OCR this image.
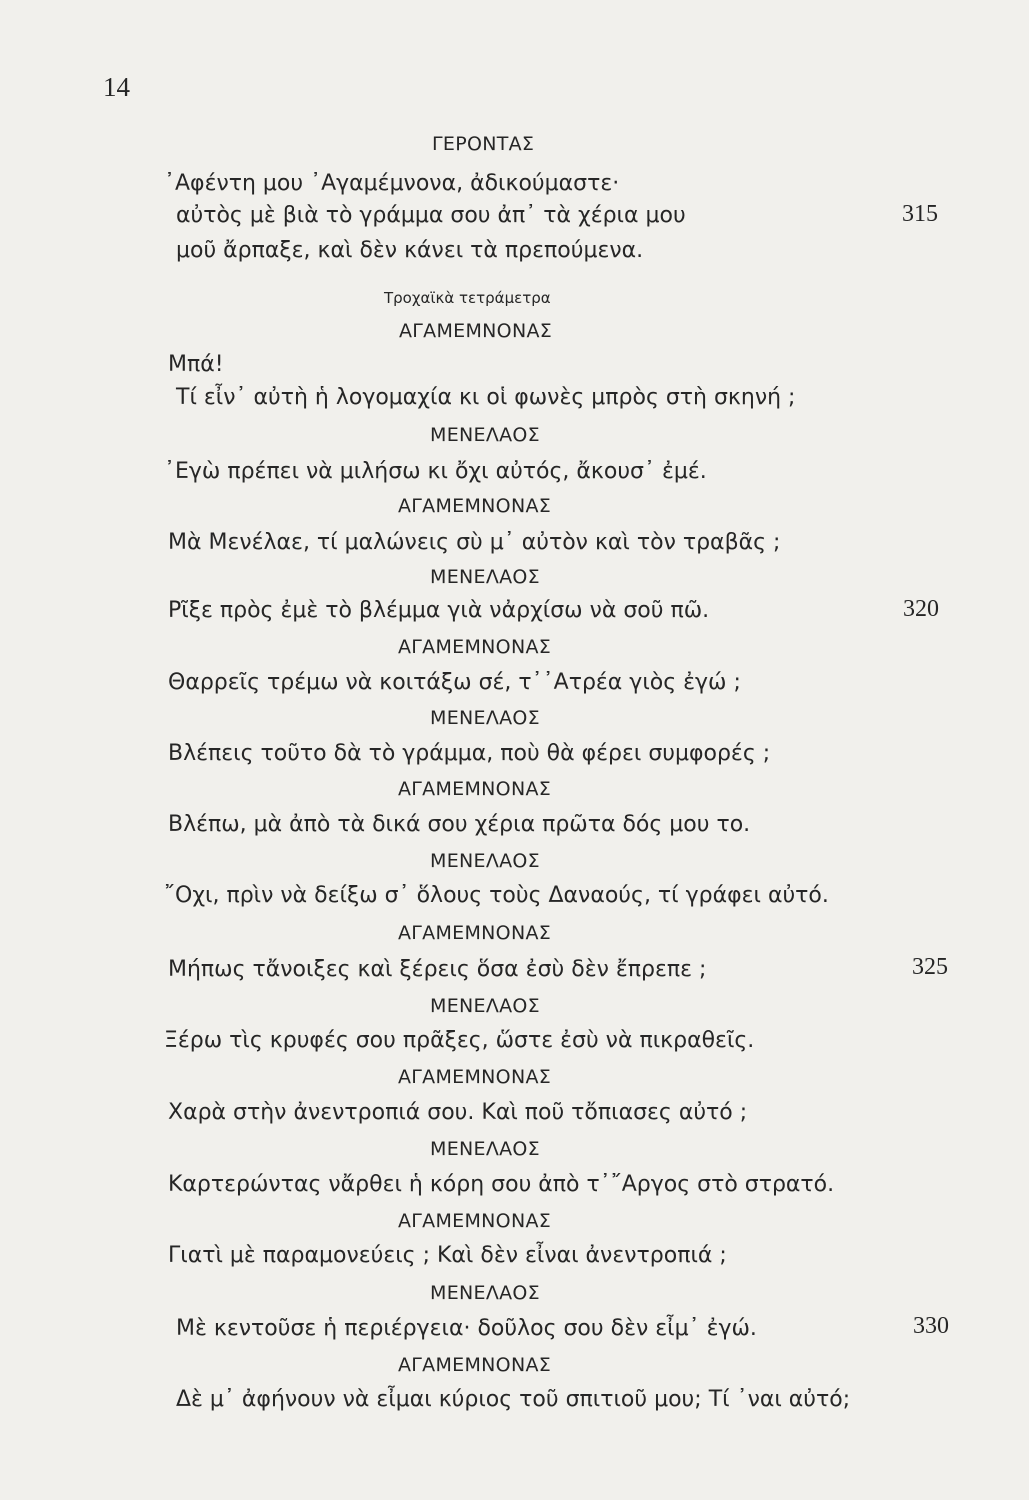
14
ΓΕΡΟΝΤΑΣ
᾿Αφέντη μου ᾿Αγαμέμνονα, ἀδικούμαστε·
αὐτὸς μὲ βιὰ τὸ γράμμα σου ἀπ᾿ τὰ χέρια μου	315
μοῦ ἄρπαξε, καὶ δὲν κάνει τὰ πρεπούμενα.
Τροχαϊκὰ τετράμετρα
ΑΓΑΜΕΜΝΟΝΑΣ
Μπά!
Τί εἶν᾿ αὐτὴ ἡ λογομαχία κι οἱ φωνὲς μπρὸς στὴ σκηνή ;
ΜΕΝΕΛΑΟΣ
᾿Εγὼ πρέπει νὰ μιλήσω κι ὄχι αὐτός, ἄκουσ᾿ ἐμέ.
ΑΓΑΜΕΜΝΟΝΑΣ
Μὰ Μενέλαε, τί μαλώνεις σὺ μ᾿ αὐτὸν καὶ τὸν τραβᾶς ;
ΜΕΝΕΛΑΟΣ
Ρῖξε πρὸς ἐμὲ τὸ βλέμμα γιὰ νἀρχίσω νὰ σοῦ πῶ.	320
ΑΓΑΜΕΜΝΟΝΑΣ
Θαρρεῖς τρέμω νὰ κοιτάξω σέ, τ᾿᾿Ατρέα γιὸς ἐγώ ;
ΜΕΝΕΛΑΟΣ
Βλέπεις τοῦτο δὰ τὸ γράμμα, ποὺ θὰ φέρει συμφορές ;
ΑΓΑΜΕΜΝΟΝΑΣ
Βλέπω, μὰ ἀπὸ τὰ δικά σου χέρια πρῶτα δός μου το.
ΜΕΝΕΛΑΟΣ
῎Οχι, πρὶν νὰ δείξω σ᾿ ὅλους τοὺς Δαναούς, τί γράφει αὐτό.
ΑΓΑΜΕΜΝΟΝΑΣ
Μήπως τἄνοιξες καὶ ξέρεις ὅσα ἐσὺ δὲν ἔπρεπε ;	325
ΜΕΝΕΛΑΟΣ
Ξέρω τὶς κρυφές σου πρᾶξες, ὥστε ἐσὺ νὰ πικραθεῖς.
ΑΓΑΜΕΜΝΟΝΑΣ
Χαρὰ στὴν ἀνεντροπιά σου. Καὶ ποῦ τὄπιασες αὐτό ;
ΜΕΝΕΛΑΟΣ
Καρτερώντας νἄρθει ἡ κόρη σου ἀπὸ τ᾿῎Αργος στὸ στρατό.
ΑΓΑΜΕΜΝΟΝΑΣ
Γιατὶ μὲ παραμονεύεις ; Καὶ δὲν εἶναι ἀνεντροπιά ;
ΜΕΝΕΛΑΟΣ
Μὲ κεντοῦσε ἡ περιέργεια· δοῦλος σου δὲν εἶμ᾿ ἐγώ.	330
ΑΓΑΜΕΜΝΟΝΑΣ
Δὲ μ᾿ ἀφήνουν νὰ εἶμαι κύριος τοῦ σπιτιοῦ μου; Τί ᾿ναι αὐτό;
